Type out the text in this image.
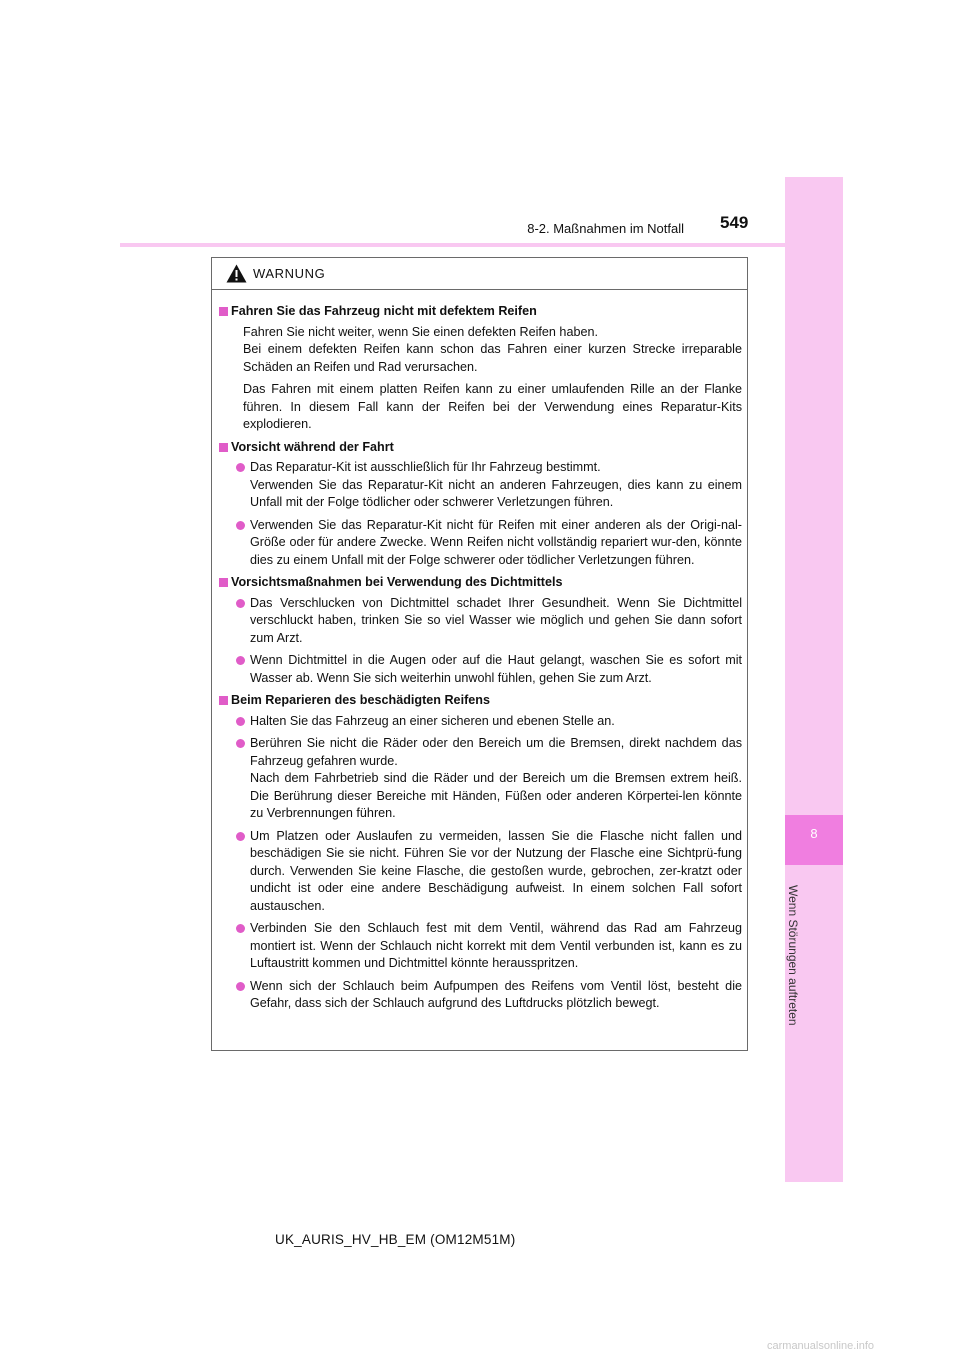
8
Wenn Störungen auftreten
8-2. Maßnahmen im Notfall 549
WARNUNG
Fahren Sie das Fahrzeug nicht mit defektem Reifen
Fahren Sie nicht weiter, wenn Sie einen defekten Reifen haben.
Bei einem defekten Reifen kann schon das Fahren einer kurzen Strecke irreparable Schäden an Reifen und Rad verursachen.
Das Fahren mit einem platten Reifen kann zu einer umlaufenden Rille an der Flanke führen. In diesem Fall kann der Reifen bei der Verwendung eines Reparatur-Kits explodieren.
Vorsicht während der Fahrt
Das Reparatur-Kit ist ausschließlich für Ihr Fahrzeug bestimmt.
Verwenden Sie das Reparatur-Kit nicht an anderen Fahrzeugen, dies kann zu einem Unfall mit der Folge tödlicher oder schwerer Verletzungen führen.
Verwenden Sie das Reparatur-Kit nicht für Reifen mit einer anderen als der Origi-nal-Größe oder für andere Zwecke. Wenn Reifen nicht vollständig repariert wur-den, könnte dies zu einem Unfall mit der Folge schwerer oder tödlicher Verletzungen führen.
Vorsichtsmaßnahmen bei Verwendung des Dichtmittels
Das Verschlucken von Dichtmittel schadet Ihrer Gesundheit. Wenn Sie Dichtmittel verschluckt haben, trinken Sie so viel Wasser wie möglich und gehen Sie dann sofort zum Arzt.
Wenn Dichtmittel in die Augen oder auf die Haut gelangt, waschen Sie es sofort mit Wasser ab. Wenn Sie sich weiterhin unwohl fühlen, gehen Sie zum Arzt.
Beim Reparieren des beschädigten Reifens
Halten Sie das Fahrzeug an einer sicheren und ebenen Stelle an.
Berühren Sie nicht die Räder oder den Bereich um die Bremsen, direkt nachdem das Fahrzeug gefahren wurde.
Nach dem Fahrbetrieb sind die Räder und der Bereich um die Bremsen extrem heiß. Die Berührung dieser Bereiche mit Händen, Füßen oder anderen Körpertei-len könnte zu Verbrennungen führen.
Um Platzen oder Auslaufen zu vermeiden, lassen Sie die Flasche nicht fallen und beschädigen Sie sie nicht. Führen Sie vor der Nutzung der Flasche eine Sichtprü-fung durch. Verwenden Sie keine Flasche, die gestoßen wurde, gebrochen, zer-kratzt oder undicht ist oder eine andere Beschädigung aufweist. In einem solchen Fall sofort austauschen.
Verbinden Sie den Schlauch fest mit dem Ventil, während das Rad am Fahrzeug montiert ist. Wenn der Schlauch nicht korrekt mit dem Ventil verbunden ist, kann es zu Luftaustritt kommen und Dichtmittel könnte herausspritzen.
Wenn sich der Schlauch beim Aufpumpen des Reifens vom Ventil löst, besteht die Gefahr, dass sich der Schlauch aufgrund des Luftdrucks plötzlich bewegt.
UK_AURIS_HV_HB_EM (OM12M51M)
carmanualsonline.info
